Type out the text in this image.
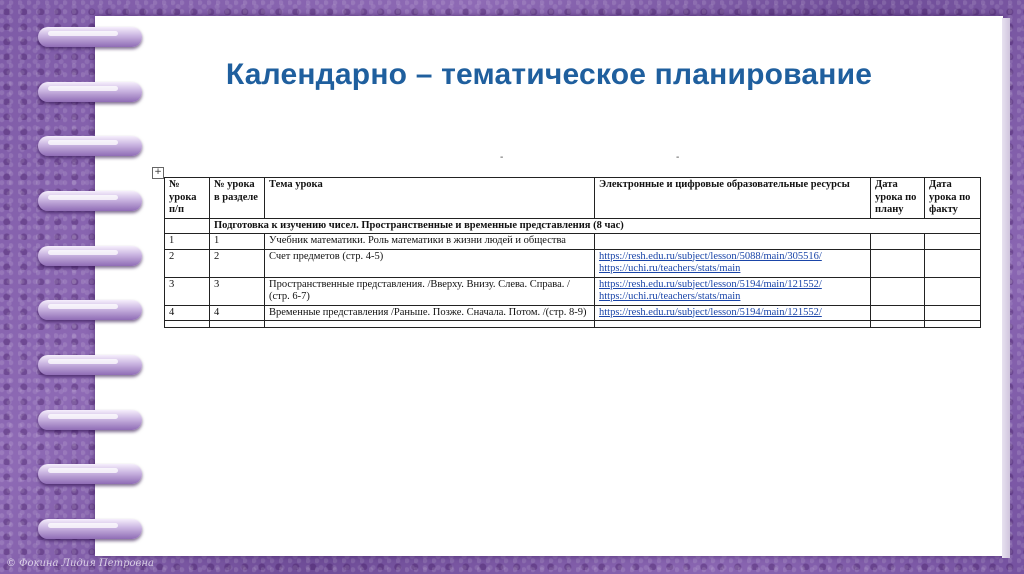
Календарно – тематическое планирование
-	-
+
№ урока п/п	№ урока в разделе	Тема урока	Электронные и цифровые образовательные ресурсы	Дата урока по плану	Дата урока по факту
	Подготовка к изучению чисел. Пространственные и временные представления (8 час)				
1	1	Учебник математики. Роль математики в жизни людей и общества			
2	2	Счет предметов (стр. 4-5)	https://resh.edu.ru/subject/lesson/5088/main/305516/
https://uchi.ru/teachers/stats/main		

3	3	Пространственные представления. /Вверху. Внизу. Слева. Справа. / (стр. 6-7)	https://resh.edu.ru/subject/lesson/5194/main/121552/
https://uchi.ru/teachers/stats/main		

4	4	Временные представления /Раньше. Позже. Сначала. Потом. /(стр. 8-9)	https://resh.edu.ru/subject/lesson/5194/main/121552/		

© Фокина Лидия Петровна
